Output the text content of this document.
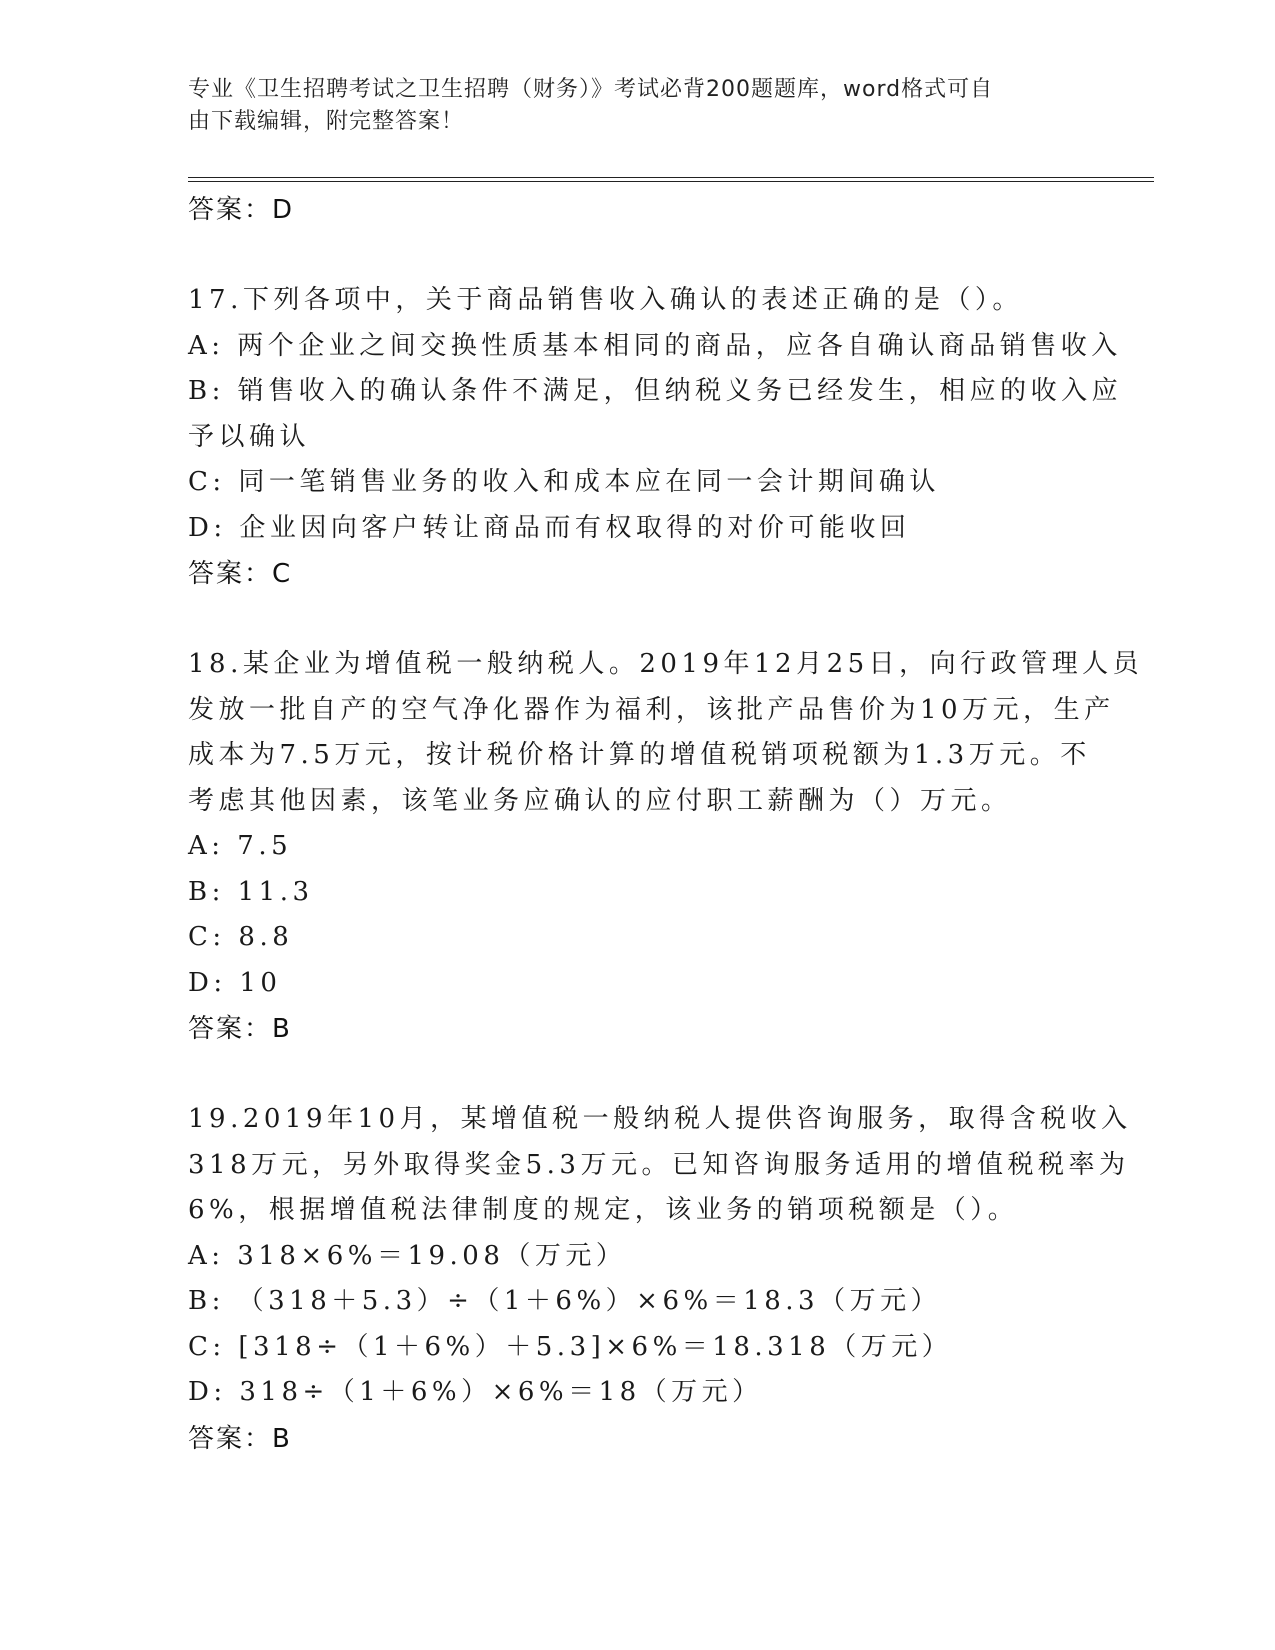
专业《卫生招聘考试之卫生招聘（财务）》考试必背200题题库，word格式可自
由下载编辑，附完整答案！
答案：D
17.下列各项中，关于商品销售收入确认的表述正确的是（）。
A: 两个企业之间交换性质基本相同的商品，应各自确认商品销售收入
B: 销售收入的确认条件不满足，但纳税义务已经发生，相应的收入应
予以确认
C: 同一笔销售业务的收入和成本应在同一会计期间确认
D: 企业因向客户转让商品而有权取得的对价可能收回
答案：C
18.某企业为增值税一般纳税人。2019年12月25日，向行政管理人员
发放一批自产的空气净化器作为福利，该批产品售价为10万元，生产
成本为7.5万元，按计税价格计算的增值税销项税额为1.3万元。不
考虑其他因素，该笔业务应确认的应付职工薪酬为（）万元。
A: 7.5
B: 11.3
C: 8.8
D: 10
答案：B
19.2019年10月，某增值税一般纳税人提供咨询服务，取得含税收入
318万元，另外取得奖金5.3万元。已知咨询服务适用的增值税税率为
6%，根据增值税法律制度的规定，该业务的销项税额是（）。
A: 318×6%＝19.08（万元）
B: （318＋5.3）÷（1＋6%）×6%＝18.3（万元）
C: [318÷（1＋6%）＋5.3]×6%＝18.318（万元）
D: 318÷（1＋6%）×6%＝18（万元）
答案：B
